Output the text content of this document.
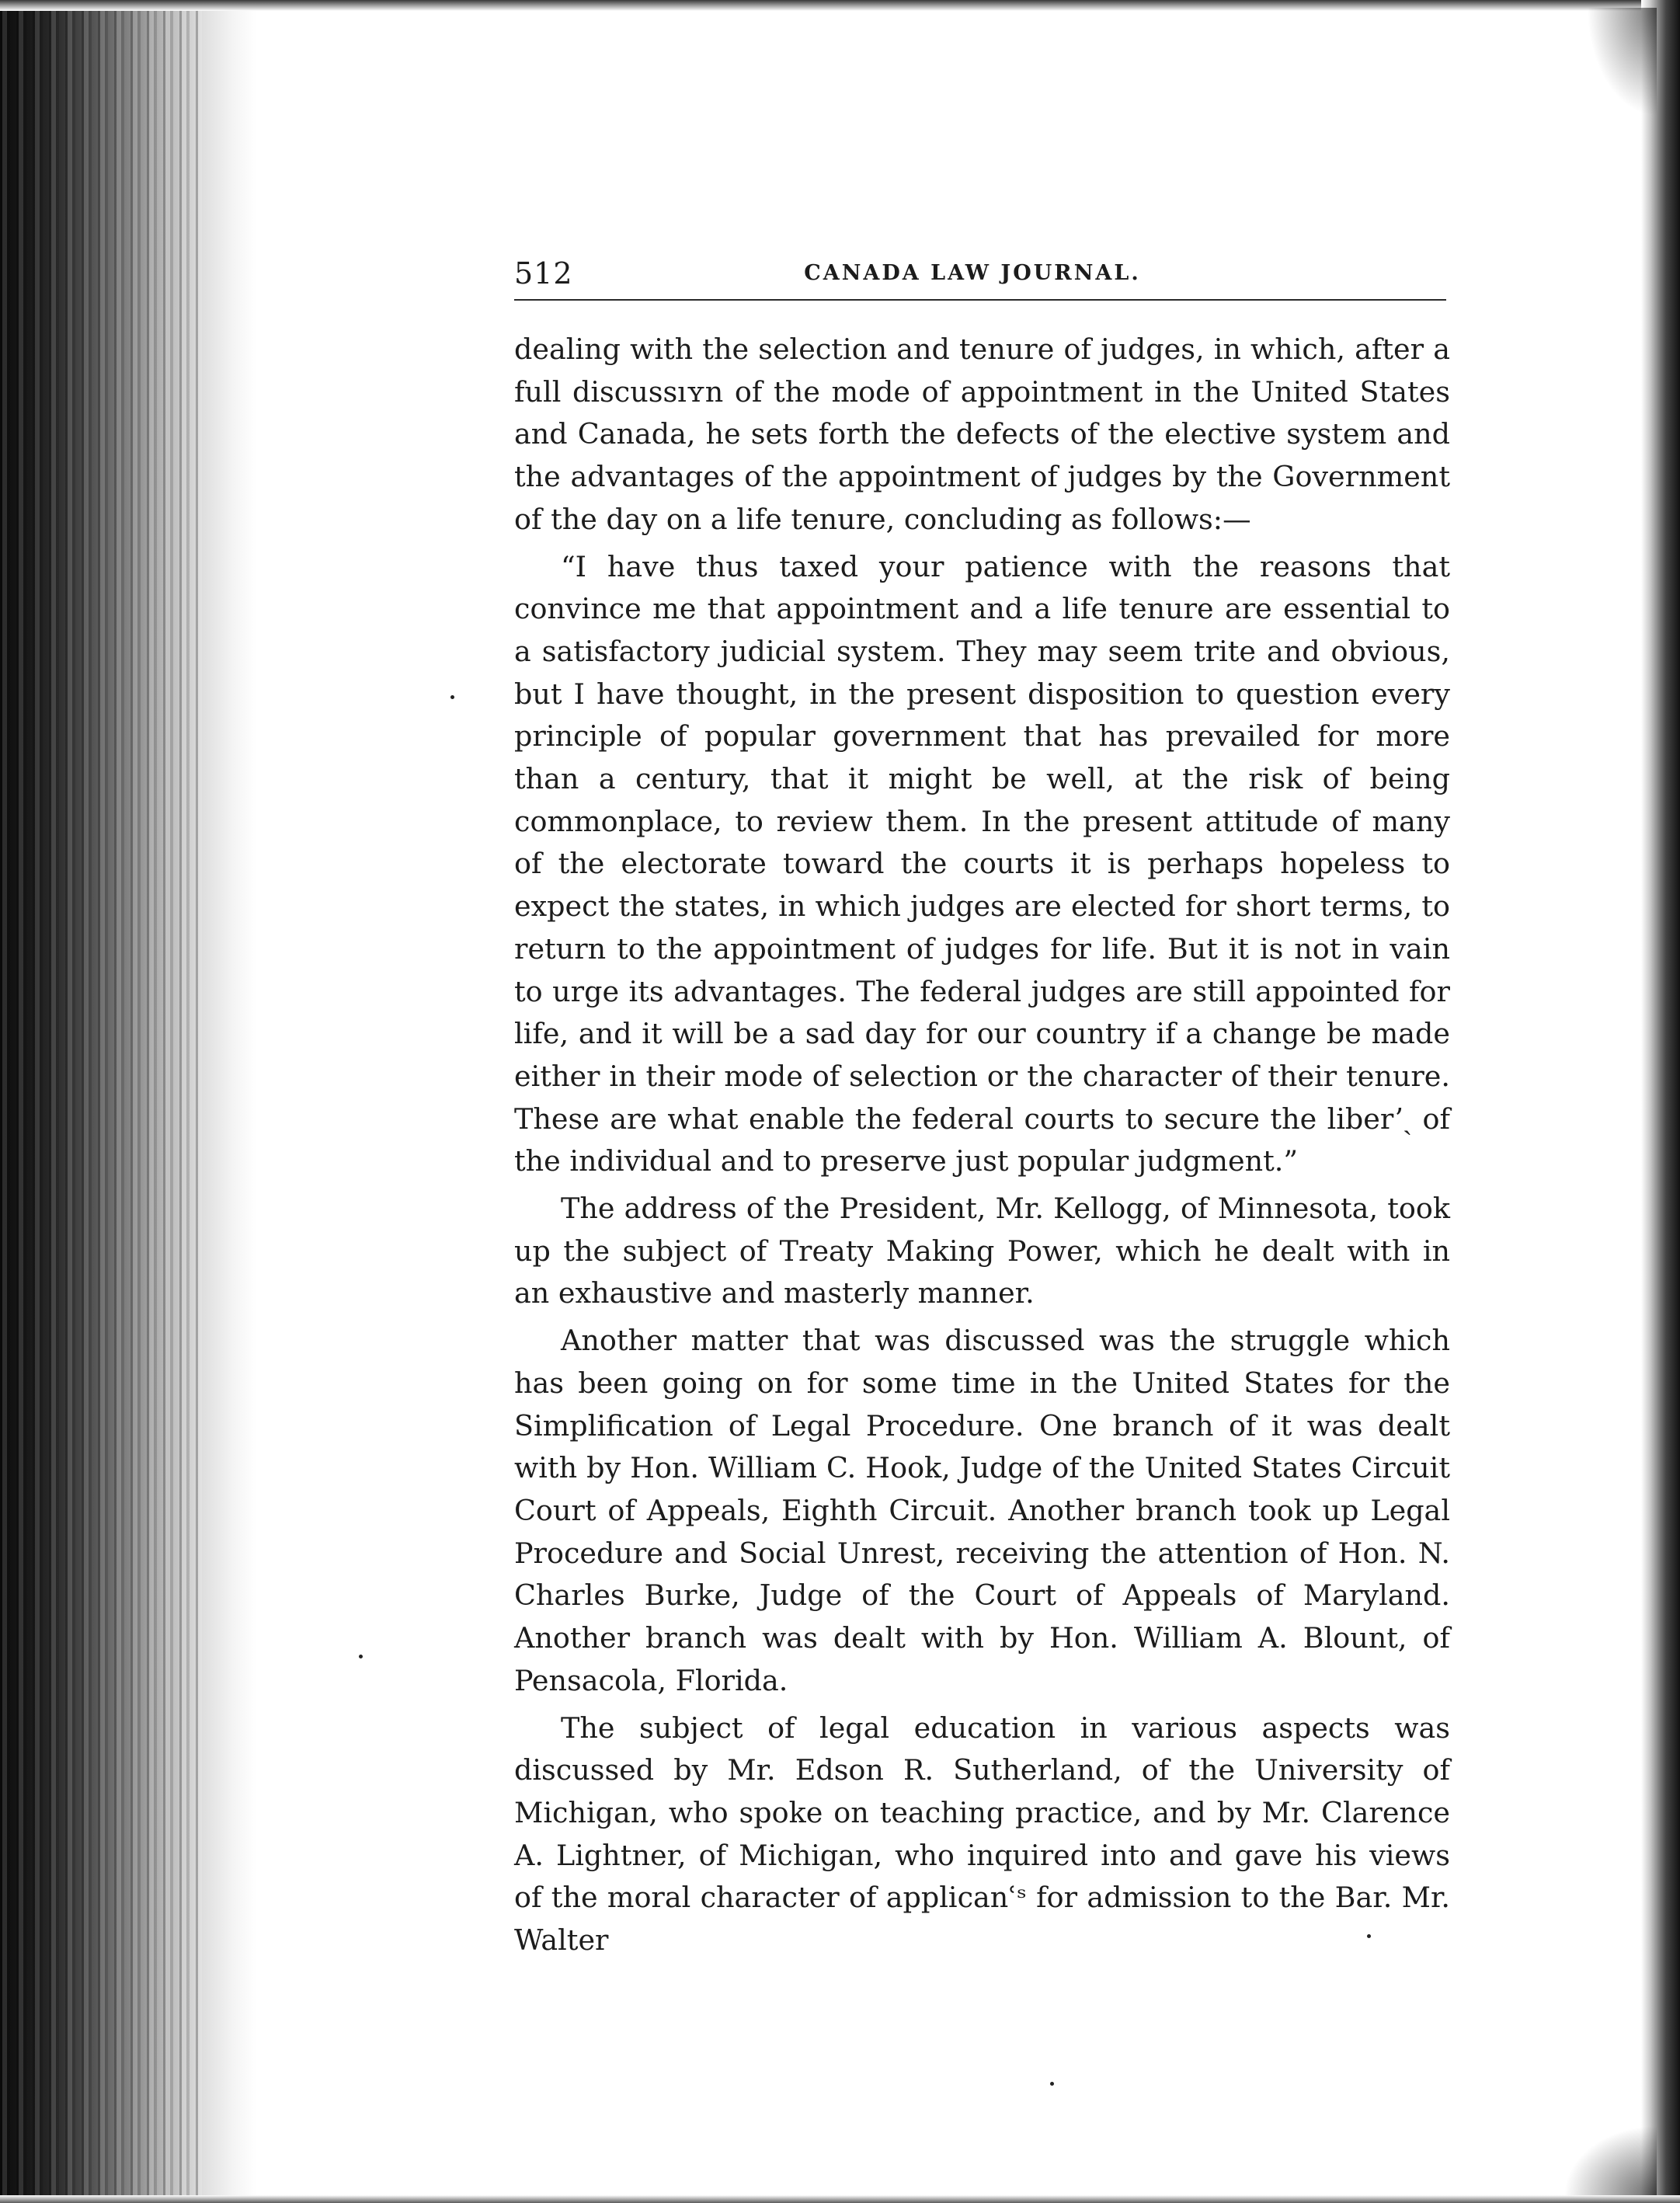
512	CANADA LAW JOURNAL.

dealing with the selection and tenure of judges, in which, after a full discussıʏn of the mode of appointment in the United States and Canada, he sets forth the defects of the elective system and the advantages of the appointment of judges by the Government of the day on a life tenure, concluding as follows:—

“I have thus taxed your patience with the reasons that convince me that appointment and a life tenure are essential to a satisfactory judicial system. They may seem trite and obvious, but I have thought, in the present disposition to question every principle of popular government that has prevailed for more than a century, that it might be well, at the risk of being commonplace, to review them. In the present attitude of many of the electorate toward the courts it is perhaps hopeless to expect the states, in which judges are elected for short terms, to return to the appointment of judges for life. But it is not in vain to urge its advantages. The federal judges are still appointed for life, and it will be a sad day for our country if a change be made either in their mode of selection or the character of their tenure. These are what enable the federal courts to secure the liberʼˎ of the individual and to preserve just popular judgment.”

The address of the President, Mr. Kellogg, of Minnesota, took up the subject of Treaty Making Power, which he dealt with in an exhaustive and masterly manner.

Another matter that was discussed was the struggle which has been going on for some time in the United States for the Simplification of Legal Procedure. One branch of it was dealt with by Hon. William C. Hook, Judge of the United States Circuit Court of Appeals, Eighth Circuit. Another branch took up Legal Procedure and Social Unrest, receiving the attention of Hon. N. Charles Burke, Judge of the Court of Appeals of Maryland. Another branch was dealt with by Hon. William A. Blount, of Pensacola, Florida.

The subject of legal education in various aspects was discussed by Mr. Edson R. Sutherland, of the University of Michigan, who spoke on teaching practice, and by Mr. Clarence A. Lightner, of Michigan, who inquired into and gave his views of the moral character of applicanʿˢ for admission to the Bar. Mr. Walter
